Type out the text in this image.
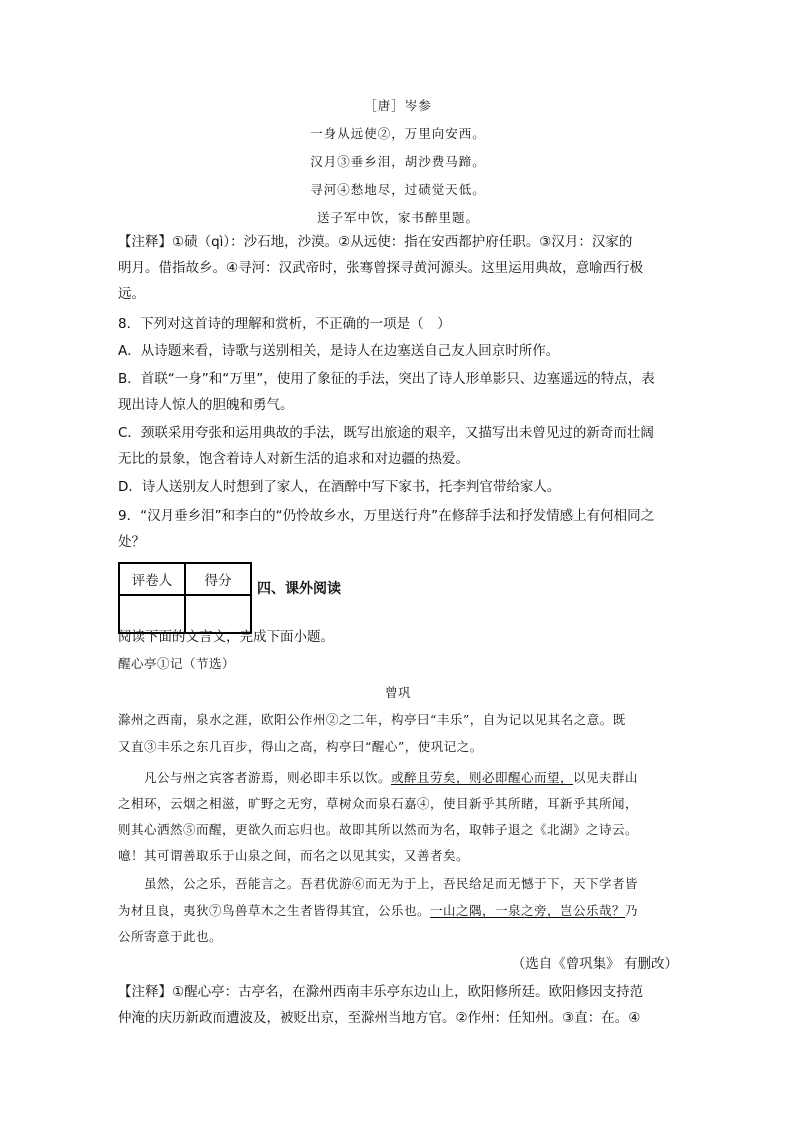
［唐］岑参
一身从远使②，万里向安西。
汉月③垂乡泪，胡沙费马蹄。
寻河④愁地尽，过碛觉天低。
送子军中饮，家书醉里题。
【注释】①碛（qì）：沙石地，沙漠。②从远使：指在安西都护府任职。③汉月：汉家的
明月。借指故乡。④寻河：汉武帝时，张骞曾探寻黄河源头。这里运用典故，意喻西行极
远。
8．下列对这首诗的理解和赏析，不正确的一项是（　）
A．从诗题来看，诗歌与送别相关，是诗人在边塞送自己友人回京时所作。
B．首联“一身”和“万里”，使用了象征的手法，突出了诗人形单影只、边塞遥远的特点，表
现出诗人惊人的胆魄和勇气。
C．颈联采用夸张和运用典故的手法，既写出旅途的艰辛，又描写出未曾见过的新奇而壮阔
无比的景象，饱含着诗人对新生活的追求和对边疆的热爱。
D．诗人送别友人时想到了家人，在酒醉中写下家书，托李判官带给家人。
9．“汉月垂乡泪”和李白的“仍怜故乡水，万里送行舟”在修辞手法和抒发情感上有何相同之
处？
评卷人	得分
	四、课外阅读
阅读下面的文言文，完成下面小题。
醒心亭①记（节选）
曾巩
滁州之西南，泉水之涯，欧阳公作州②之二年，构亭曰“丰乐”，自为记以见其名之意。既
又直③丰乐之东几百步，得山之高，构亭曰“醒心”，使巩记之。
　　凡公与州之宾客者游焉，则必即丰乐以饮。或醉且劳矣，则必即醒心而望，以见夫群山
之相环，云烟之相滋，旷野之无穷，草树众而泉石嘉④，使目新乎其所睹，耳新乎其所闻，
则其心洒然⑤而醒，更欲久而忘归也。故即其所以然而为名，取韩子退之《北湖》之诗云。
噫！其可谓善取乐于山泉之间，而名之以见其实，又善者矣。
　　虽然，公之乐，吾能言之。吾君优游⑥而无为于上，吾民给足而无憾于下，天下学者皆
为材且良，夷狄⑦鸟兽草木之生者皆得其宜，公乐也。一山之隅，一泉之旁，岂公乐哉？乃
公所寄意于此也。
（选自《曾巩集》 有删改）
【注释】①醒心亭：古亭名，在滁州西南丰乐亭东边山上，欧阳修所廷。欧阳修因支持范
仲淹的庆历新政而遭波及，被贬出京，至滁州当地方官。②作州：任知州。③直：在。④
